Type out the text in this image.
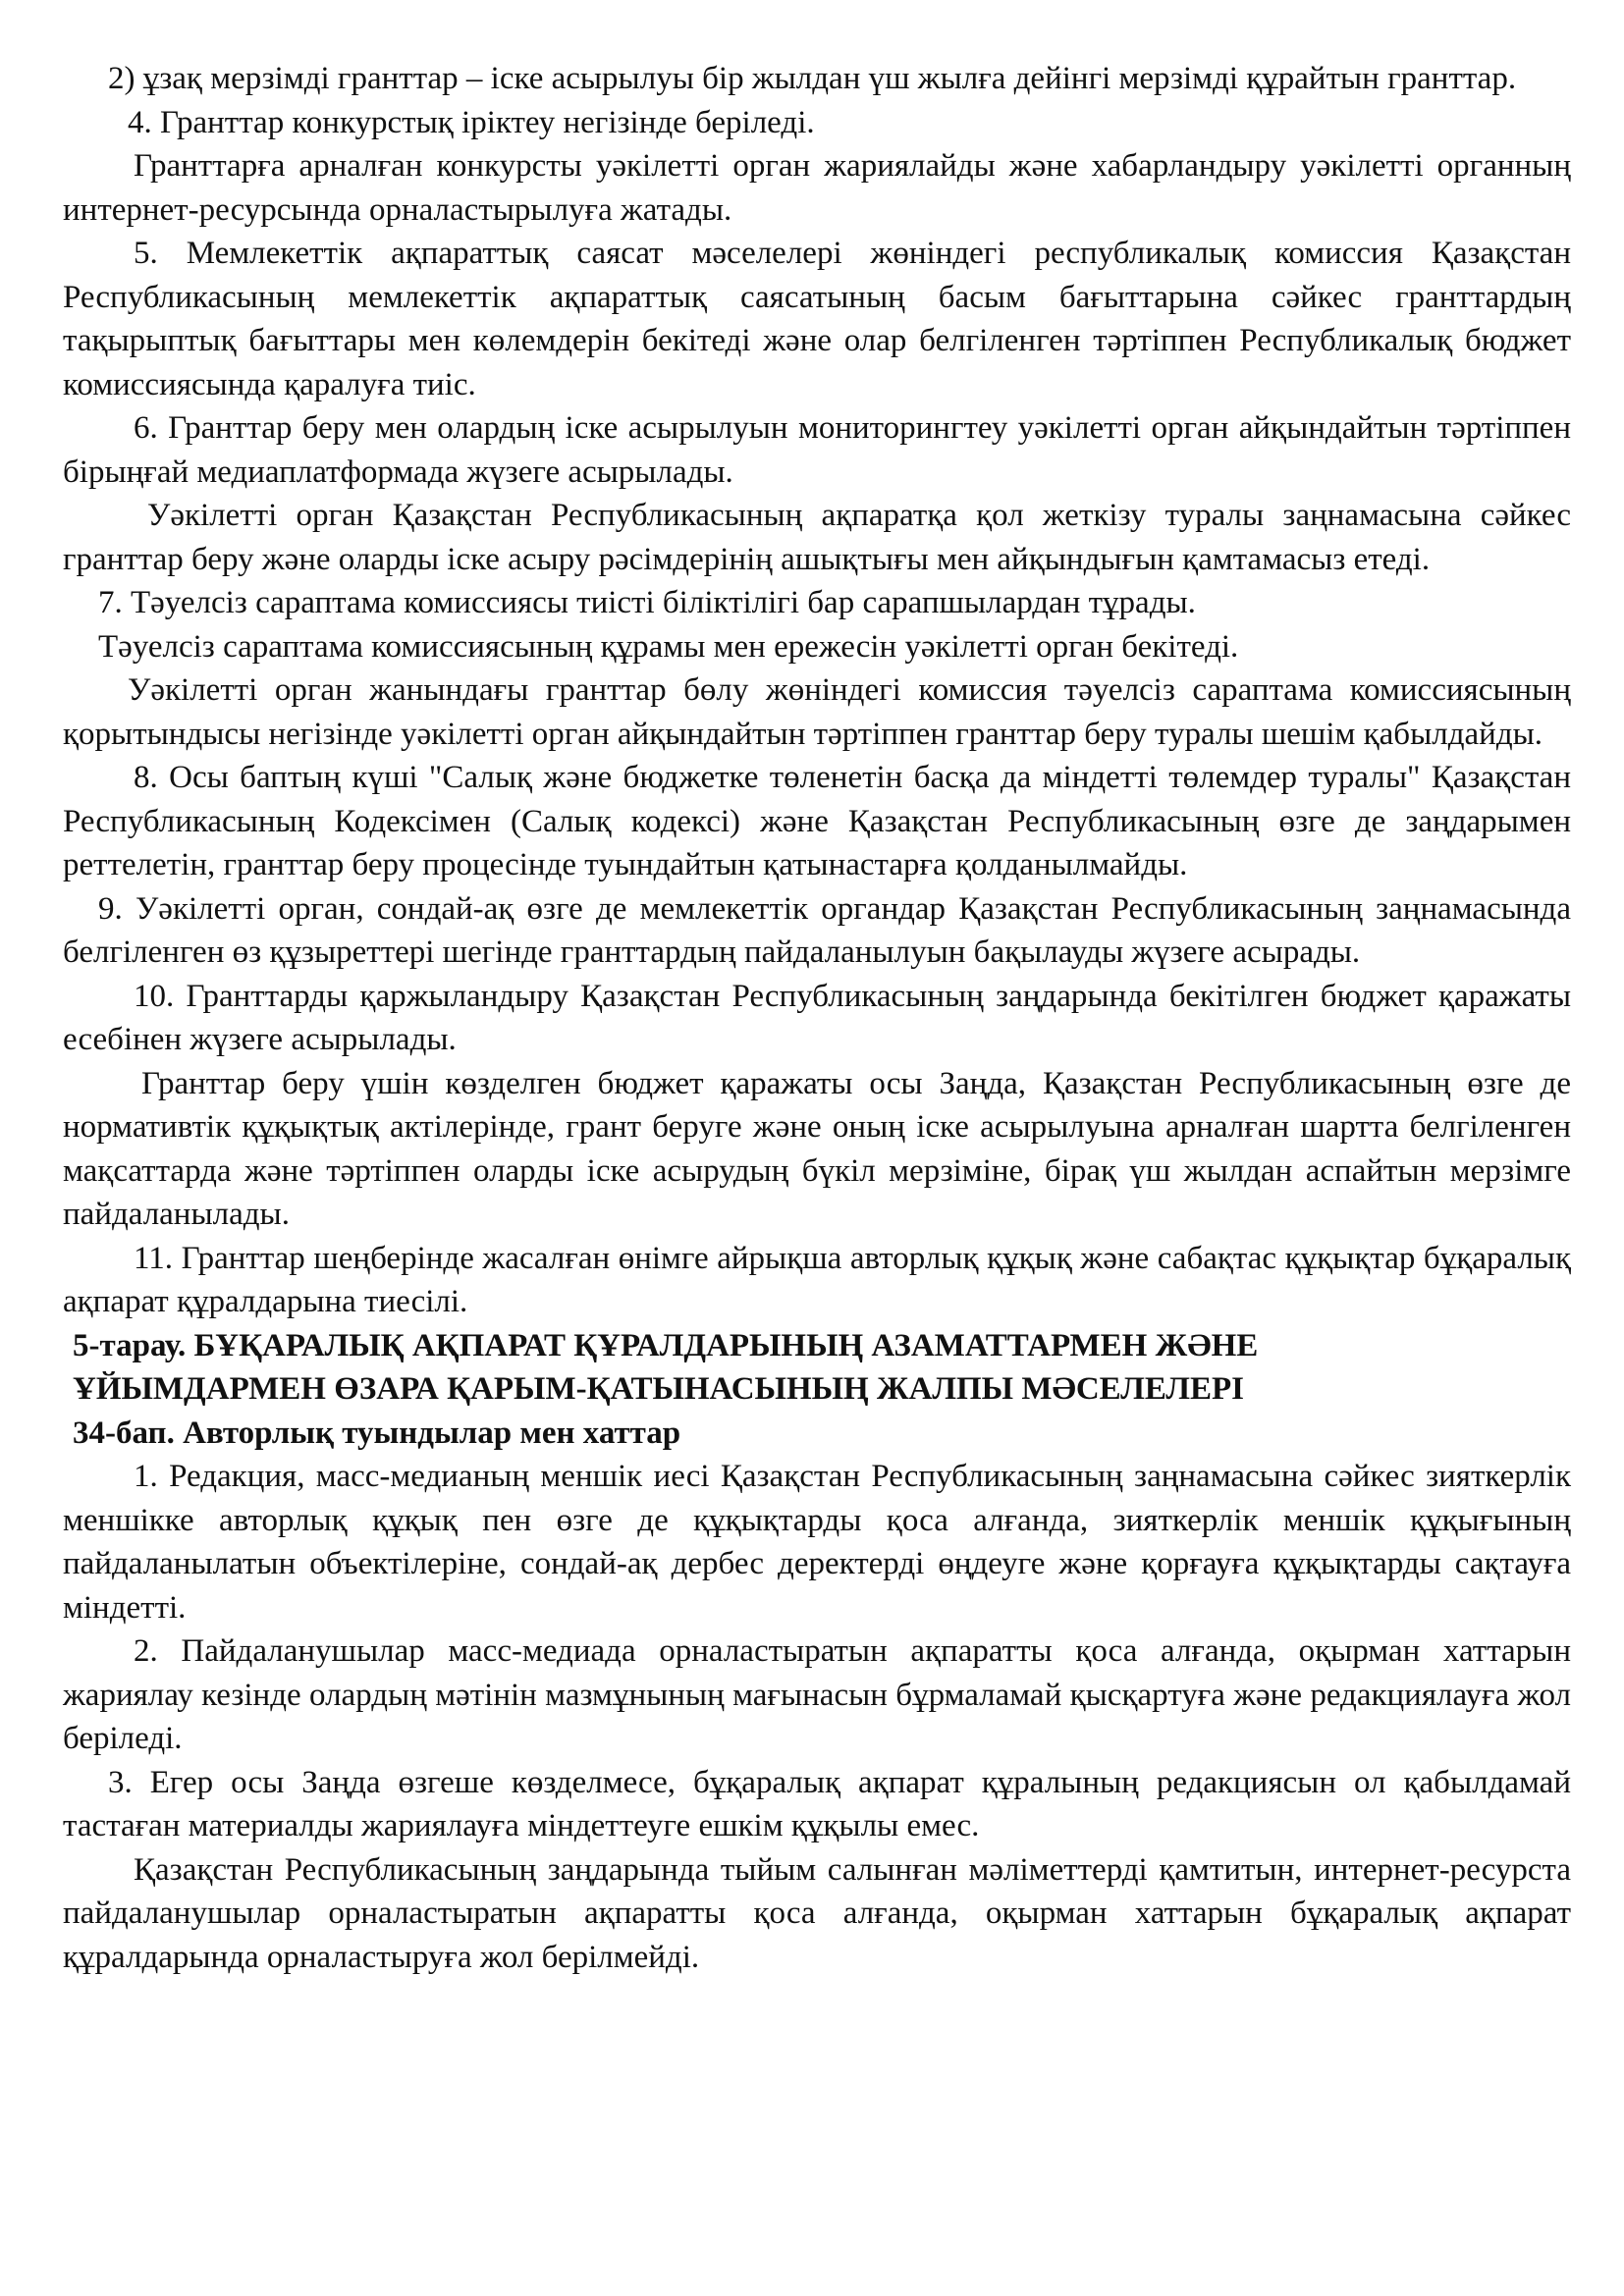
2) ұзақ мерзімді гранттар – іске асырылуы бір жылдан үш жылға дейінгі мерзімді құрайтын гранттар.

4. Гранттар конкурстық іріктеу негізінде беріледі.

Гранттарға арналған конкурсты уәкілетті орган жариялайды және хабарландыру уәкілетті органның интернет-ресурсында орналастырылуға жатады.

5. Мемлекеттік ақпараттық саясат мәселелері жөніндегі республикалық комиссия Қазақстан Республикасының мемлекеттік ақпараттық саясатының басым бағыттарына сәйкес гранттардың тақырыптық бағыттары мен көлемдерін бекітеді және олар белгіленген тәртіппен Республикалық бюджет комиссиясында қаралуға тиіс.

6. Гранттар беру мен олардың іске асырылуын мониторингтеу уәкілетті орган айқындайтын тәртіппен бірыңғай медиаплатформада жүзеге асырылады.

Уәкілетті орган Қазақстан Республикасының ақпаратқа қол жеткізу туралы заңнамасына сәйкес гранттар беру және оларды іске асыру рәсімдерінің ашықтығы мен айқындығын қамтамасыз етеді.

7. Тәуелсіз сараптама комиссиясы тиісті біліктілігі бар сарапшылардан тұрады.

Тәуелсіз сараптама комиссиясының құрамы мен ережесін уәкілетті орган бекітеді.

Уәкілетті орган жанындағы гранттар бөлу жөніндегі комиссия тәуелсіз сараптама комиссиясының қорытындысы негізінде уәкілетті орган айқындайтын тәртіппен гранттар беру туралы шешім қабылдайды.

8. Осы баптың күші "Салық және бюджетке төленетін басқа да міндетті төлемдер туралы" Қазақстан Республикасының Кодексімен (Салық кодексі) және Қазақстан Республикасының өзге де заңдарымен реттелетін, гранттар беру процесінде туындайтын қатынастарға қолданылмайды.

9. Уәкілетті орган, сондай-ақ өзге де мемлекеттік органдар Қазақстан Республикасының заңнамасында белгіленген өз құзыреттері шегінде гранттардың пайдаланылуын бақылауды жүзеге асырады.

10. Гранттарды қаржыландыру Қазақстан Республикасының заңдарында бекітілген бюджет қаражаты есебінен жүзеге асырылады.

Гранттар беру үшін көзделген бюджет қаражаты осы Заңда, Қазақстан Республикасының өзге де нормативтік құқықтық актілерінде, грант беруге және оның іске асырылуына арналған шартта белгіленген мақсаттарда және тәртіппен оларды іске асырудың бүкіл мерзіміне, бірақ үш жылдан аспайтын мерзімге пайдаланылады.

11. Гранттар шеңберінде жасалған өнімге айрықша авторлық құқық және сабақтас құқықтар бұқаралық ақпарат құралдарына тиесілі.

5-тарау. БҰҚАРАЛЫҚ АҚПАРАТ ҚҰРАЛДАРЫНЫҢ АЗАМАТТАРМЕН ЖӘНЕ
ҰЙЫМДАРМЕН ӨЗАРА ҚАРЫМ-ҚАТЫНАСЫНЫҢ ЖАЛПЫ МӘСЕЛЕЛЕРІ

34-бап. Авторлық туындылар мен хаттар

1. Редакция, масс-медианың меншік иесі Қазақстан Республикасының заңнамасына сәйкес зияткерлік меншікке авторлық құқық пен өзге де құқықтарды қоса алғанда, зияткерлік меншік құқығының пайдаланылатын объектілеріне, сондай-ақ дербес деректерді өңдеуге және қорғауға құқықтарды сақтауға міндетті.

2. Пайдаланушылар масс-медиада орналастыратын ақпаратты қоса алғанда, оқырман хаттарын жариялау кезінде олардың мәтінін мазмұнының мағынасын бұрмаламай қысқартуға және редакциялауға жол беріледі.

3. Егер осы Заңда өзгеше көзделмесе, бұқаралық ақпарат құралының редакциясын ол қабылдамай тастаған материалды жариялауға міндеттеуге ешкім құқылы емес.

Қазақстан Республикасының заңдарында тыйым салынған мәліметтерді қамтитын, интернет-ресурста пайдаланушылар орналастыратын ақпаратты қоса алғанда, оқырман хаттарын бұқаралық ақпарат құралдарында орналастыруға жол берілмейді.
